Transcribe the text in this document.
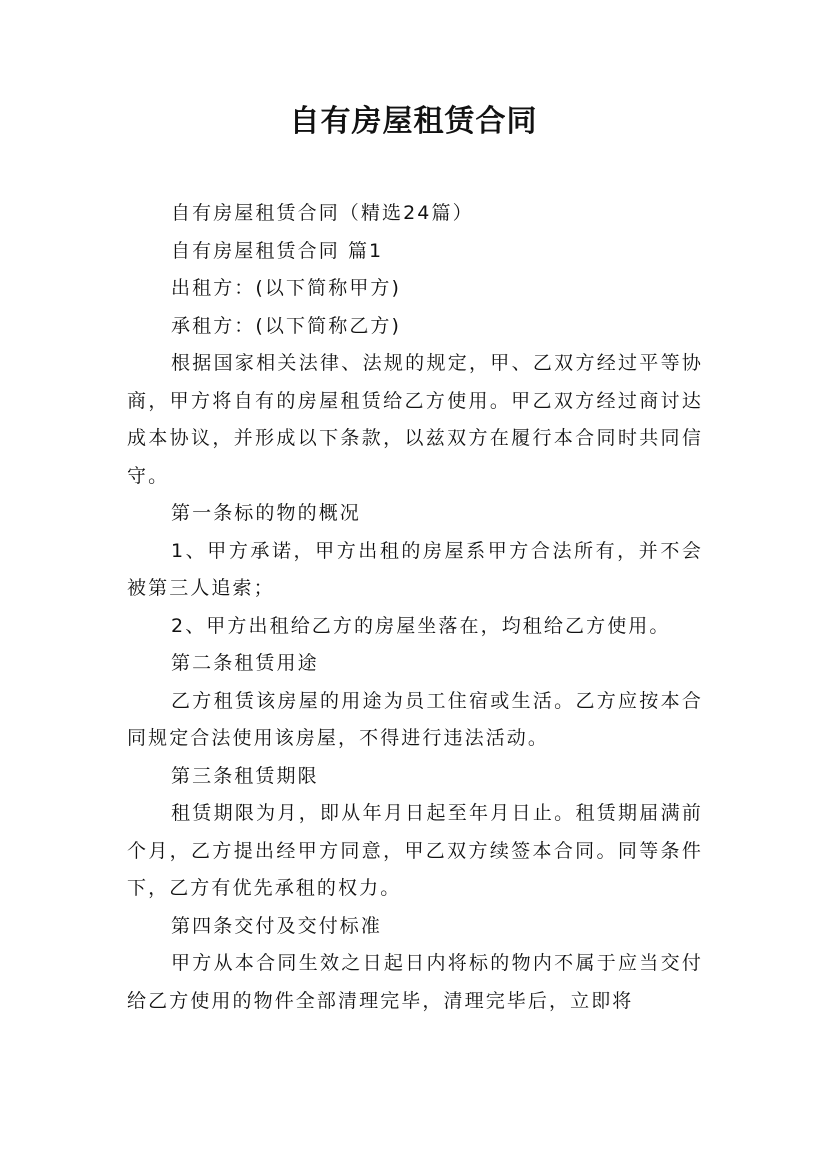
自有房屋租赁合同

自有房屋租赁合同（精选24篇）

自有房屋租赁合同 篇1

出租方：(以下简称甲方)

承租方：(以下简称乙方)

根据国家相关法律、法规的规定，甲、乙双方经过平等协商，甲方将自有的房屋租赁给乙方使用。甲乙双方经过商讨达成本协议，并形成以下条款，以兹双方在履行本合同时共同信守。

第一条标的物的概况

1、甲方承诺，甲方出租的房屋系甲方合法所有，并不会被第三人追索；

2、甲方出租给乙方的房屋坐落在，均租给乙方使用。

第二条租赁用途

乙方租赁该房屋的用途为员工住宿或生活。乙方应按本合同规定合法使用该房屋，不得进行违法活动。

第三条租赁期限

租赁期限为月，即从年月日起至年月日止。租赁期届满前个月，乙方提出经甲方同意，甲乙双方续签本合同。同等条件下，乙方有优先承租的权力。

第四条交付及交付标准

甲方从本合同生效之日起日内将标的物内不属于应当交付给乙方使用的物件全部清理完毕，清理完毕后，立即将
